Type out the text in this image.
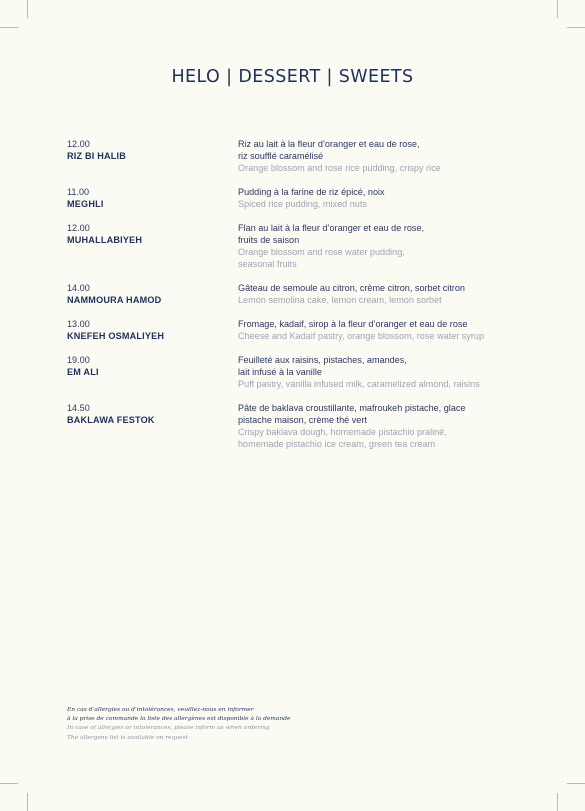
HELO | DESSERT | SWEETS
12.00
RIZ BI HALIB
Riz au lait à la fleur d’oranger et eau de rose,
riz soufflé caramélisé
Orange blossom and rose rice pudding, crispy rice
11.00
MEGHLI
Pudding à la farine de riz épicé, noix
Spiced rice pudding, mixed nuts
12.00
MUHALLABIYEH
Flan au lait à la fleur d’oranger et eau de rose,
fruits de saison
Orange blossom and rose water pudding,
seasonal fruits
14.00
NAMMOURA HAMOD
Gâteau de semoule au citron, crème citron, sorbet citron
Lemon semolina cake, lemon cream, lemon sorbet
13.00
KNEFEH OSMALIYEH
Fromage, kadaif, sirop à la fleur d’oranger et eau de rose
Cheese and Kadaif pastry, orange blossom, rose water syrup
19.00
EM ALI
Feuilleté aux raisins, pistaches, amandes,
lait infusé à la vanille
Puff pastry, vanilla infused milk, caramelized almond, raisins
14.50
BAKLAWA FESTOK
Pâte de baklava croustillante, mafroukeh pistache, glace
pistache maison, crème thé vert
Crispy baklava dough, homemade pistachio praliné,
homemade pistachio ice cream, green tea cream
En cas d’allergies ou d’intolérances, veuillez-nous en informer
à la prise de commande la liste des allergènes est disponible à la demande
In case of allergies or intolerances, please inform us when ordering
The allergens list is available on request
